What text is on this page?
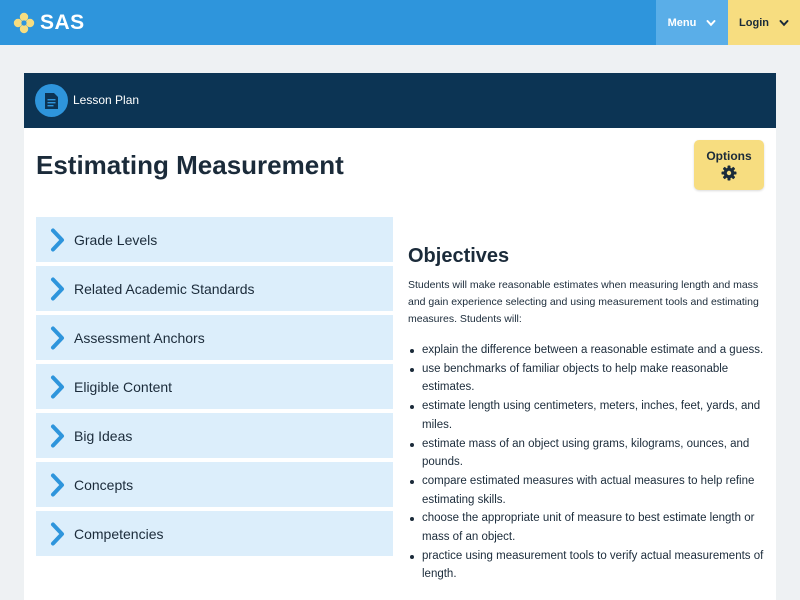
SAS	Menu	Login
Lesson Plan
Estimating Measurement	Options
Grade Levels
Related Academic Standards
Assessment Anchors
Eligible Content
Big Ideas
Concepts
Competencies
Objectives

Students will make reasonable estimates when measuring length and mass and gain experience selecting and using measurement tools and estimating measures. Students will:

explain the difference between a reasonable estimate and a guess.
use benchmarks of familiar objects to help make reasonable estimates.
estimate length using centimeters, meters, inches, feet, yards, and miles.
estimate mass of an object using grams, kilograms, ounces, and pounds.
compare estimated measures with actual measures to help refine estimating skills.
choose the appropriate unit of measure to best estimate length or mass of an object.
practice using measurement tools to verify actual measurements of length.
